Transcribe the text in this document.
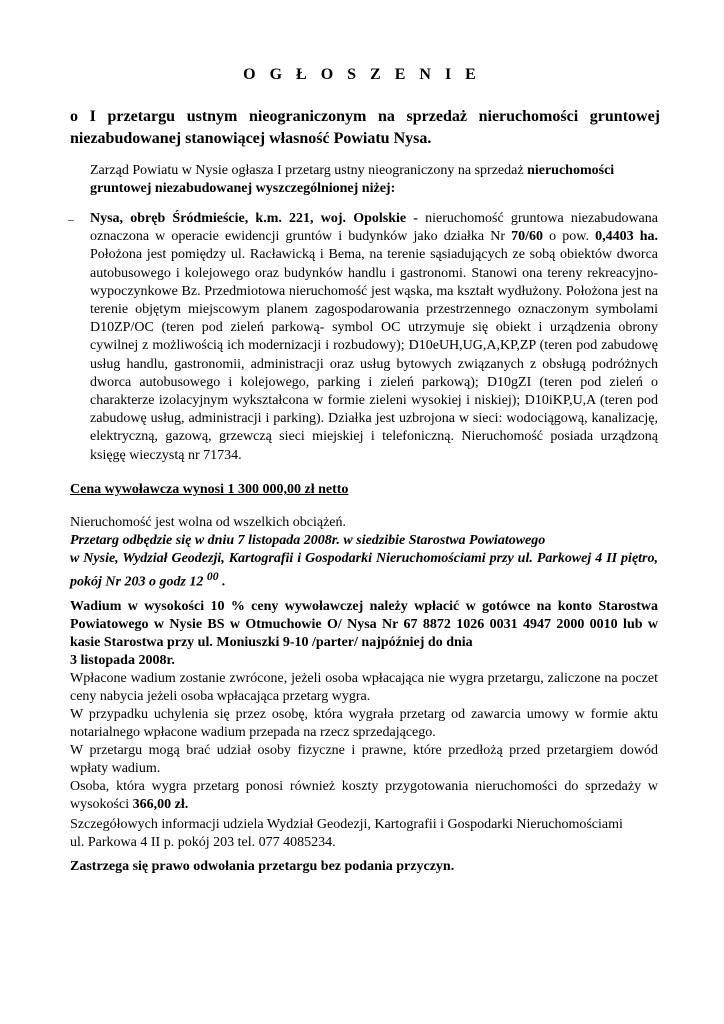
O G Ł O S Z E N I E
o I przetargu ustnym nieograniczonym na sprzedaż nieruchomości gruntowej niezabudowanej stanowiącej własność Powiatu Nysa.
Zarząd Powiatu w Nysie ogłasza I przetarg ustny nieograniczony na sprzedaż nieruchomości gruntowej niezabudowanej wyszczególnionej niżej:
– Nysa, obręb Śródmieście, k.m. 221, woj. Opolskie - nieruchomość gruntowa niezabudowana oznaczona w operacie ewidencji gruntów i budynków jako działka Nr 70/60 o pow. 0,4403 ha. Położona jest pomiędzy ul. Racławicką i Bema, na terenie sąsiadujących ze sobą obiektów dworca autobusowego i kolejowego oraz budynków handlu i gastronomi. Stanowi ona tereny rekreacyjno- wypoczynkowe Bz. Przedmiotowa nieruchomość jest wąska, ma kształt wydłużony. Położona jest na terenie objętym miejscowym planem zagospodarowania przestrzennego oznaczonym symbolami D10ZP/OC (teren pod zieleń parkową- symbol OC utrzymuje się obiekt i urządzenia obrony cywilnej z możliwością ich modernizacji i rozbudowy); D10eUH,UG,A,KP,ZP (teren pod zabudowę usług handlu, gastronomii, administracji oraz usług bytowych związanych z obsługą podróżnych dworca autobusowego i kolejowego, parking i zieleń parkową); D10gZI (teren pod zieleń o charakterze izolacyjnym wykształcona w formie zieleni wysokiej i niskiej); D10iKP,U,A (teren pod zabudowę usług, administracji i parking). Działka jest uzbrojona w sieci: wodociągową, kanalizację, elektryczną, gazową, grzewczą sieci miejskiej i telefoniczną. Nieruchomość posiada urządzoną księgę wieczystą nr 71734.
Cena wywoławcza wynosi 1 300 000,00 zł netto
Nieruchomość jest wolna od wszelkich obciążeń.
Przetarg odbędzie się w dniu 7 listopada 2008r. w siedzibie Starostwa Powiatowego
w Nysie, Wydział Geodezji, Kartografii i Gospodarki Nieruchomościami przy ul. Parkowej 4 II piętro, pokój Nr 203 o godz 12 $^{00}$ .
Wadium w wysokości 10 % ceny wywoławczej należy wpłacić w gotówce na konto Starostwa Powiatowego w Nysie BS w Otmuchowie O/ Nysa Nr 67 8872 1026 0031 4947 2000 0010 lub w kasie Starostwa przy ul. Moniuszki 9-10 /parter/ najpóźniej do dnia
3 listopada 2008r.
Wpłacone wadium zostanie zwrócone, jeżeli osoba wpłacająca nie wygra przetargu, zaliczone na poczet ceny nabycia jeżeli osoba wpłacająca przetarg wygra.
W przypadku uchylenia się przez osobę, która wygrała przetarg od zawarcia umowy w formie aktu notarialnego wpłacone wadium przepada na rzecz sprzedającego.
W przetargu mogą brać udział osoby fizyczne i prawne, które przedłożą przed przetargiem dowód wpłaty wadium.
Osoba, która wygra przetarg ponosi również koszty przygotowania nieruchomości do sprzedaży w wysokości 366,00 zł.
Szczegółowych informacji udziela Wydział Geodezji, Kartografii i Gospodarki Nieruchomościami
ul. Parkowa 4 II p. pokój 203 tel. 077 4085234.
Zastrzega się prawo odwołania przetargu bez podania przyczyn.
